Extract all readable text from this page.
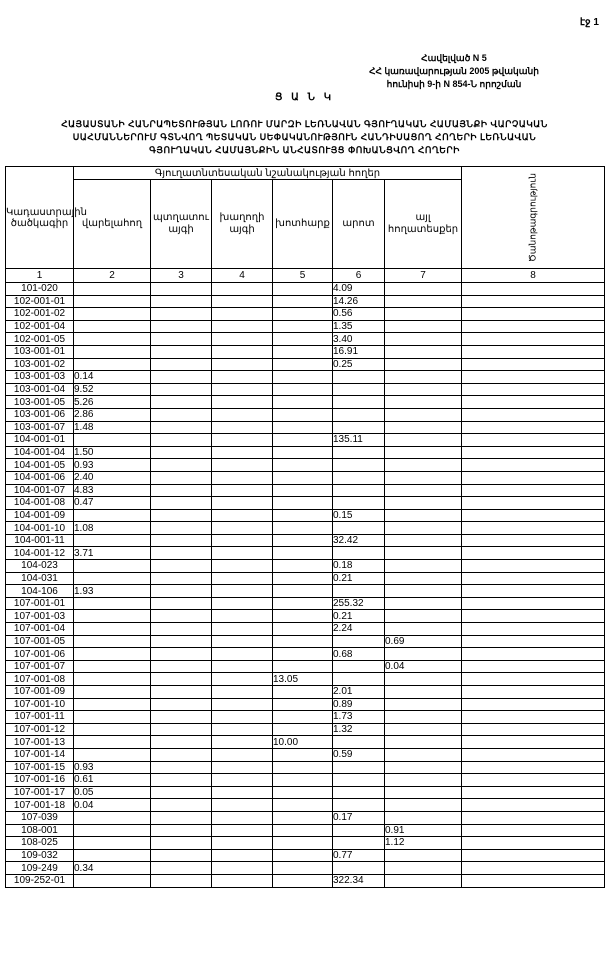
էջ 1
Հավելված N 5
ՀՀ կառավարության 2005 թվականի
հունիսի 9-ի N 854-Ն որոշման
Ց Ա Ն Կ
ՀԱՅԱՍՏԱՆԻ ՀԱՆՐԱՊԵՏՈՒԹՅԱՆ ԼՈՌՈՒ ՄԱՐԶԻ ԼԵՌՆԱՎԱՆ ԳՅՈՒՂԱԿԱՆ ՀԱՄԱՅՆՔԻ ՎԱՐՉԱԿԱՆ
ՍԱՀՄԱՆՆԵՐՈՒՄ ԳՏՆՎՈՂ ՊԵՏԱԿԱՆ ՍԵՓԱԿԱՆՈՒԹՅՈՒՆ ՀԱՆԴԻՍԱՑՈՂ ՀՈՂԵՐԻ ԼԵՌՆԱՎԱՆ
ԳՅՈՒՂԱԿԱՆ ՀԱՄԱՅՆՔԻՆ ԱՆՀԱՏՈՒՅՑ ՓՈԽԱՆՑՎՈՂ ՀՈՂԵՐԻ
Կադաստրային ծածկագիր	Գյուղատնտեսական նշանակության հողեր						Ծանոթագրություն

	վարելահող	պտղատու այգի	խաղողի այգի	խոտհարք	արոտ	այլ հողատեսքեր	
1	2	3	4	5	6	7	8
101-020					4.09		
102-001-01					14.26		
102-001-02					0.56		
102-001-04					1.35		
102-001-05					3.40		
103-001-01					16.91		
103-001-02					0.25		
103-001-03	0.14						
103-001-04	9.52						
103-001-05	5.26						
103-001-06	2.86						
103-001-07	1.48						
104-001-01					135.11		
104-001-04	1.50						
104-001-05	0.93						
104-001-06	2.40						
104-001-07	4.83						
104-001-08	0.47						
104-001-09					0.15		
104-001-10	1.08						
104-001-11					32.42		
104-001-12	3.71						
104-023					0.18		
104-031					0.21		
104-106	1.93						
107-001-01					255.32		
107-001-03					0.21		
107-001-04					2.24		
107-001-05						0.69	
107-001-06					0.68		
107-001-07						0.04	
107-001-08				13.05			
107-001-09					2.01		
107-001-10					0.89		
107-001-11					1.73		
107-001-12					1.32		
107-001-13				10.00			
107-001-14					0.59		
107-001-15	0.93						
107-001-16	0.61						
107-001-17	0.05						
107-001-18	0.04						
107-039					0.17		
108-001						0.91	
108-025						1.12	
109-032					0.77		
109-249	0.34						
109-252-01					322.34		
